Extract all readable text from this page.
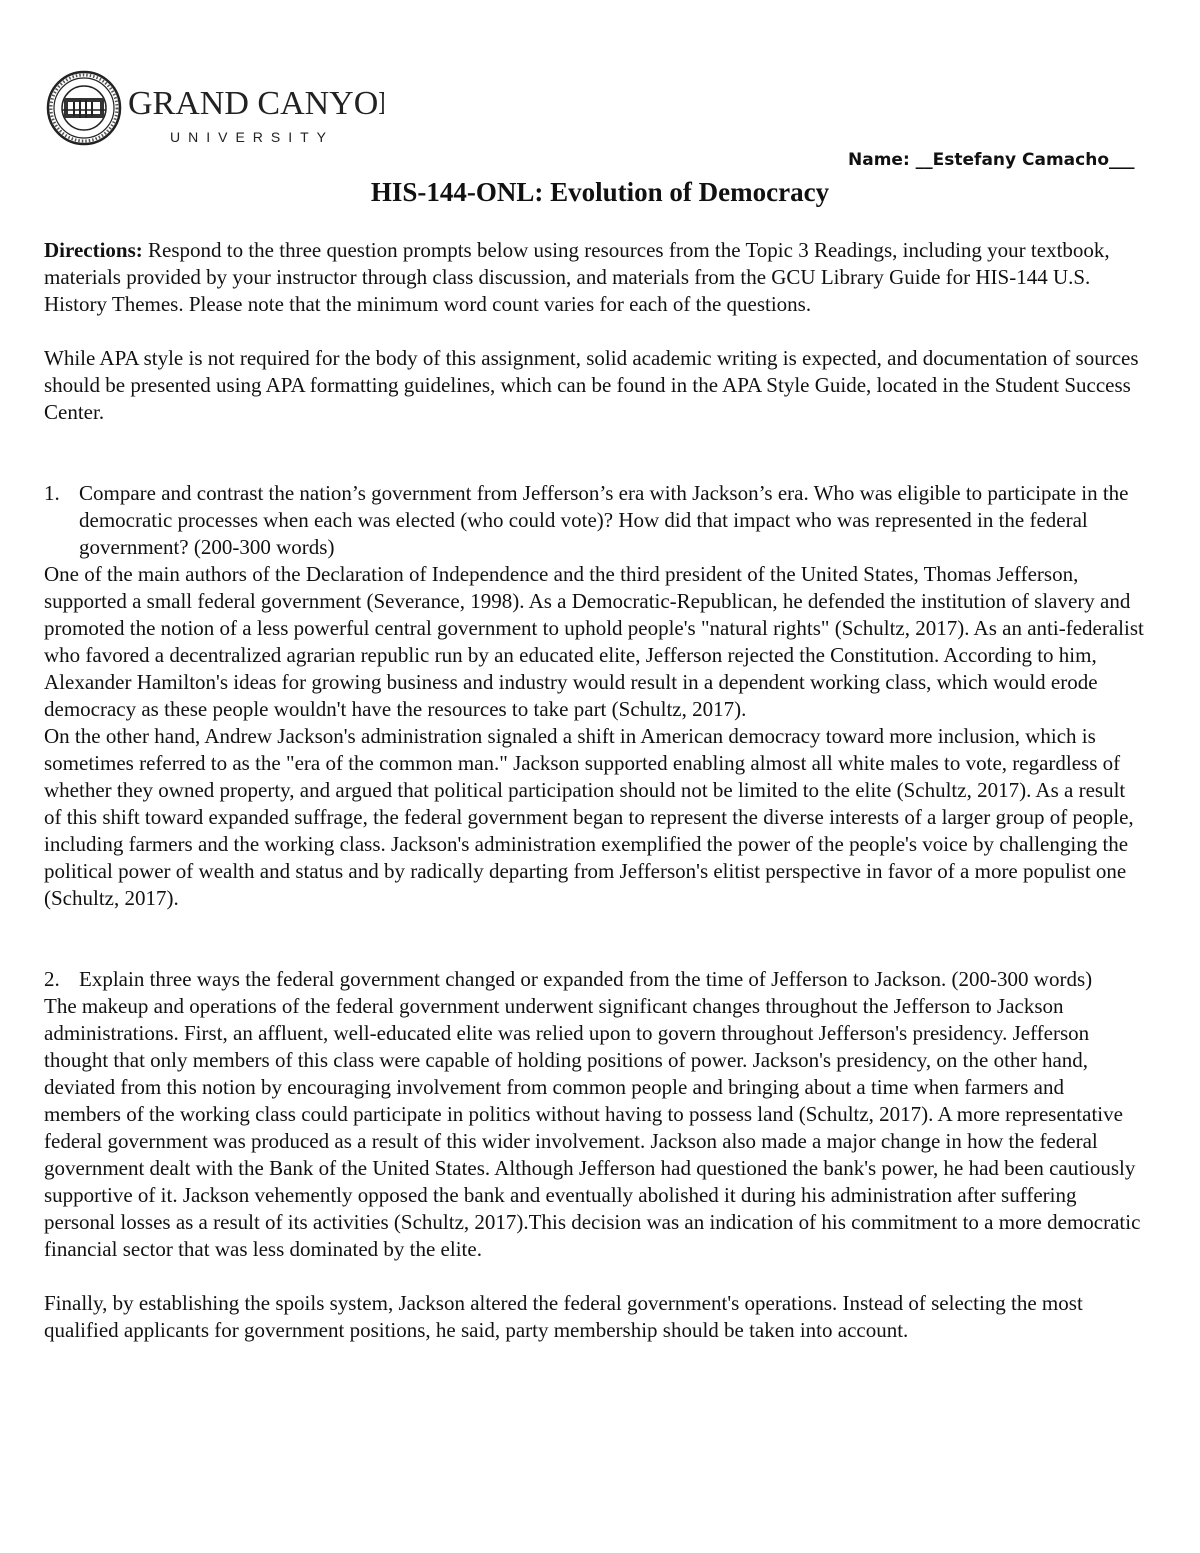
GRAND CANYON
UNIVERSITY
Name: __Estefany Camacho___
HIS-144-ONL: Evolution of Democracy

Directions: Respond to the three question prompts below using resources from the Topic 3 Readings, including your textbook, materials provided by your instructor through class discussion, and materials from the GCU Library Guide for HIS-144 U.S. History Themes. Please note that the minimum word count varies for each of the questions.

While APA style is not required for the body of this assignment, solid academic writing is expected, and documentation of sources should be presented using APA formatting guidelines, which can be found in the APA Style Guide, located in the Student Success Center.

1. Compare and contrast the nation’s government from Jefferson’s era with Jackson’s era. Who was eligible to participate in the democratic processes when each was elected (who could vote)? How did that impact who was represented in the federal government? (200-300 words)

One of the main authors of the Declaration of Independence and the third president of the United States, Thomas Jefferson, supported a small federal government (Severance, 1998). As a Democratic-Republican, he defended the institution of slavery and promoted the notion of a less powerful central government to uphold people's "natural rights" (Schultz, 2017). As an anti-federalist who favored a decentralized agrarian republic run by an educated elite, Jefferson rejected the Constitution. According to him, Alexander Hamilton's ideas for growing business and industry would result in a dependent working class, which would erode democracy as these people wouldn't have the resources to take part (Schultz, 2017).

On the other hand, Andrew Jackson's administration signaled a shift in American democracy toward more inclusion, which is sometimes referred to as the "era of the common man." Jackson supported enabling almost all white males to vote, regardless of whether they owned property, and argued that political participation should not be limited to the elite (Schultz, 2017). As a result of this shift toward expanded suffrage, the federal government began to represent the diverse interests of a larger group of people, including farmers and the working class. Jackson's administration exemplified the power of the people's voice by challenging the political power of wealth and status and by radically departing from Jefferson's elitist perspective in favor of a more populist one (Schultz, 2017).

2. Explain three ways the federal government changed or expanded from the time of Jefferson to Jackson. (200-300 words)

The makeup and operations of the federal government underwent significant changes throughout the Jefferson to Jackson administrations. First, an affluent, well-educated elite was relied upon to govern throughout Jefferson's presidency. Jefferson thought that only members of this class were capable of holding positions of power. Jackson's presidency, on the other hand, deviated from this notion by encouraging involvement from common people and bringing about a time when farmers and members of the working class could participate in politics without having to possess land (Schultz, 2017). A more representative federal government was produced as a result of this wider involvement. Jackson also made a major change in how the federal government dealt with the Bank of the United States. Although Jefferson had questioned the bank's power, he had been cautiously supportive of it. Jackson vehemently opposed the bank and eventually abolished it during his administration after suffering personal losses as a result of its activities (Schultz, 2017).This decision was an indication of his commitment to a more democratic financial sector that was less dominated by the elite.

Finally, by establishing the spoils system, Jackson altered the federal government's operations. Instead of selecting the most qualified applicants for government positions, he said, party membership should be taken into account.
